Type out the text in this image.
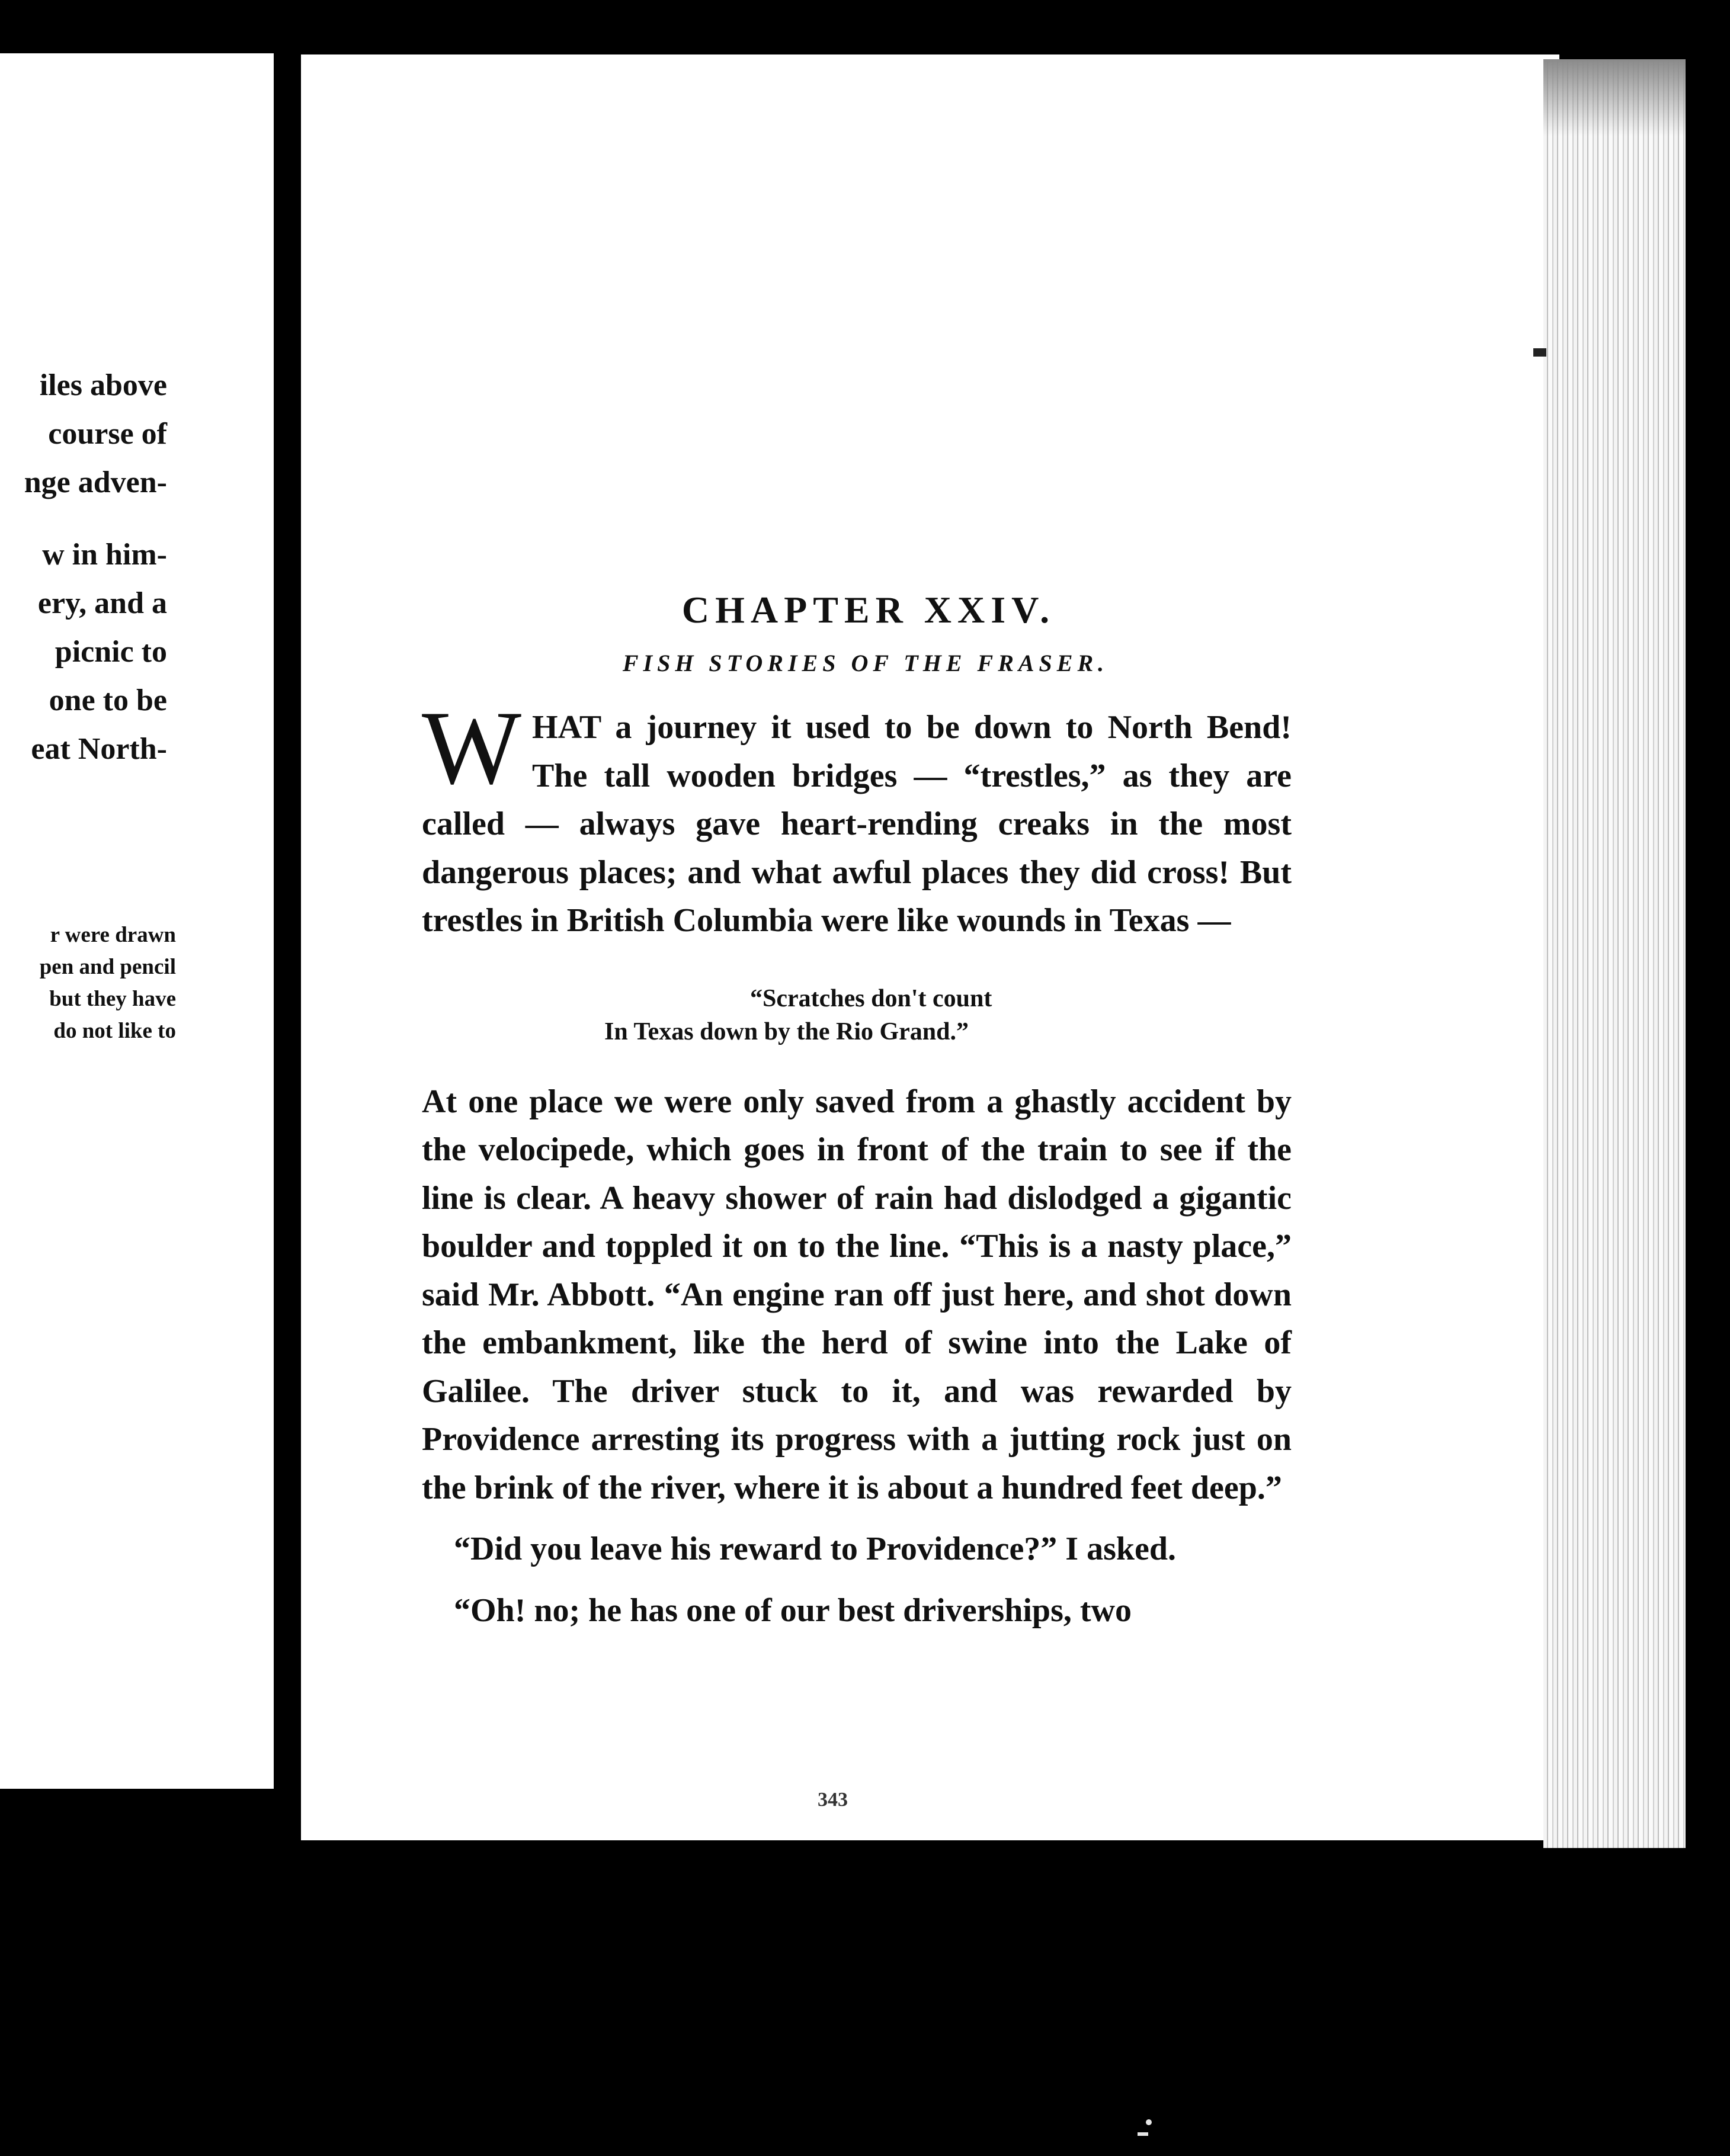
iles above
course of
nge adven-
w in him-
ery, and a
picnic to
one to be
eat North-
r were drawn
pen and pencil
but they have
do not like to
CHAPTER XXIV.
FISH STORIES OF THE FRASER.

WHAT a journey it used to be down to North Bend! The tall wooden bridges — “trestles,” as they are called — always gave heart-rending creaks in the most dangerous places; and what awful places they did cross! But trestles in British Columbia were like wounds in Texas —

“Scratches don't count
In Texas down by the Rio Grand.”

At one place we were only saved from a ghastly accident by the velocipede, which goes in front of the train to see if the line is clear. A heavy shower of rain had dislodged a gigantic boulder and toppled it on to the line. “This is a nasty place,” said Mr. Abbott. “An engine ran off just here, and shot down the embankment, like the herd of swine into the Lake of Galilee. The driver stuck to it, and was rewarded by Providence arresting its progress with a jutting rock just on the brink of the river, where it is about a hundred feet deep.”

“Did you leave his reward to Providence?” I asked.

“Oh! no; he has one of our best driverships, two

343
